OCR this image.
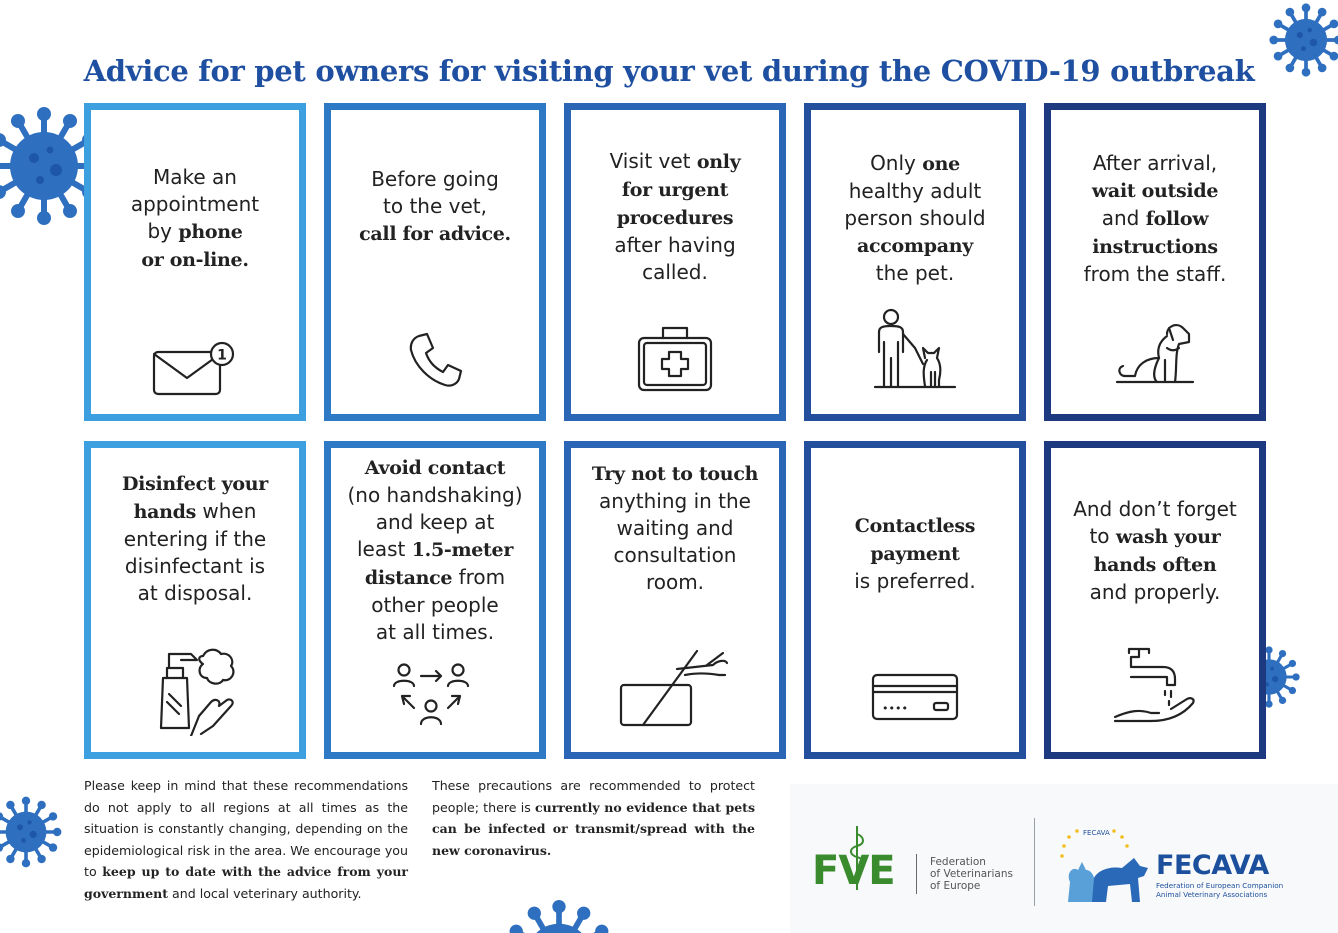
Advice for pet owners for visiting your vet during the COVID-19 outbreak
Make an
appointment
by phone
or on-line.
1
Before going
to the vet,
call for advice.
Visit vet only
for urgent
procedures
after having
called.
Only one
healthy adult
person should
accompany
the pet.
After arrival,
wait outside
and follow
instructions
from the staff.
Disinfect your
hands when
entering if the
disinfectant is
at disposal.
Avoid contact
(no handshaking)
and keep at
least 1.5-meter
distance from
other people
at all times.
Try not to touch
anything in the
waiting and
consultation
room.
Contactless
payment
is preferred.
••••
And don’t forget
to wash your
hands often
and properly.
Please keep in mind that these recommendations do not apply to all regions at all times as the situation is constantly changing, depending on the epidemiological risk in the area. We encourage you to keep up to date with the advice from your government and local veterinary authority.
These precautions are recommended to protect people; there is currently no evidence that pets can be infected or transmit/spread with the new coronavirus.	FVE	Federation
of Veterinarians
of Europe
FECAVA
FECAVA
Federation of European Companion
Animal Veterinary Associations
